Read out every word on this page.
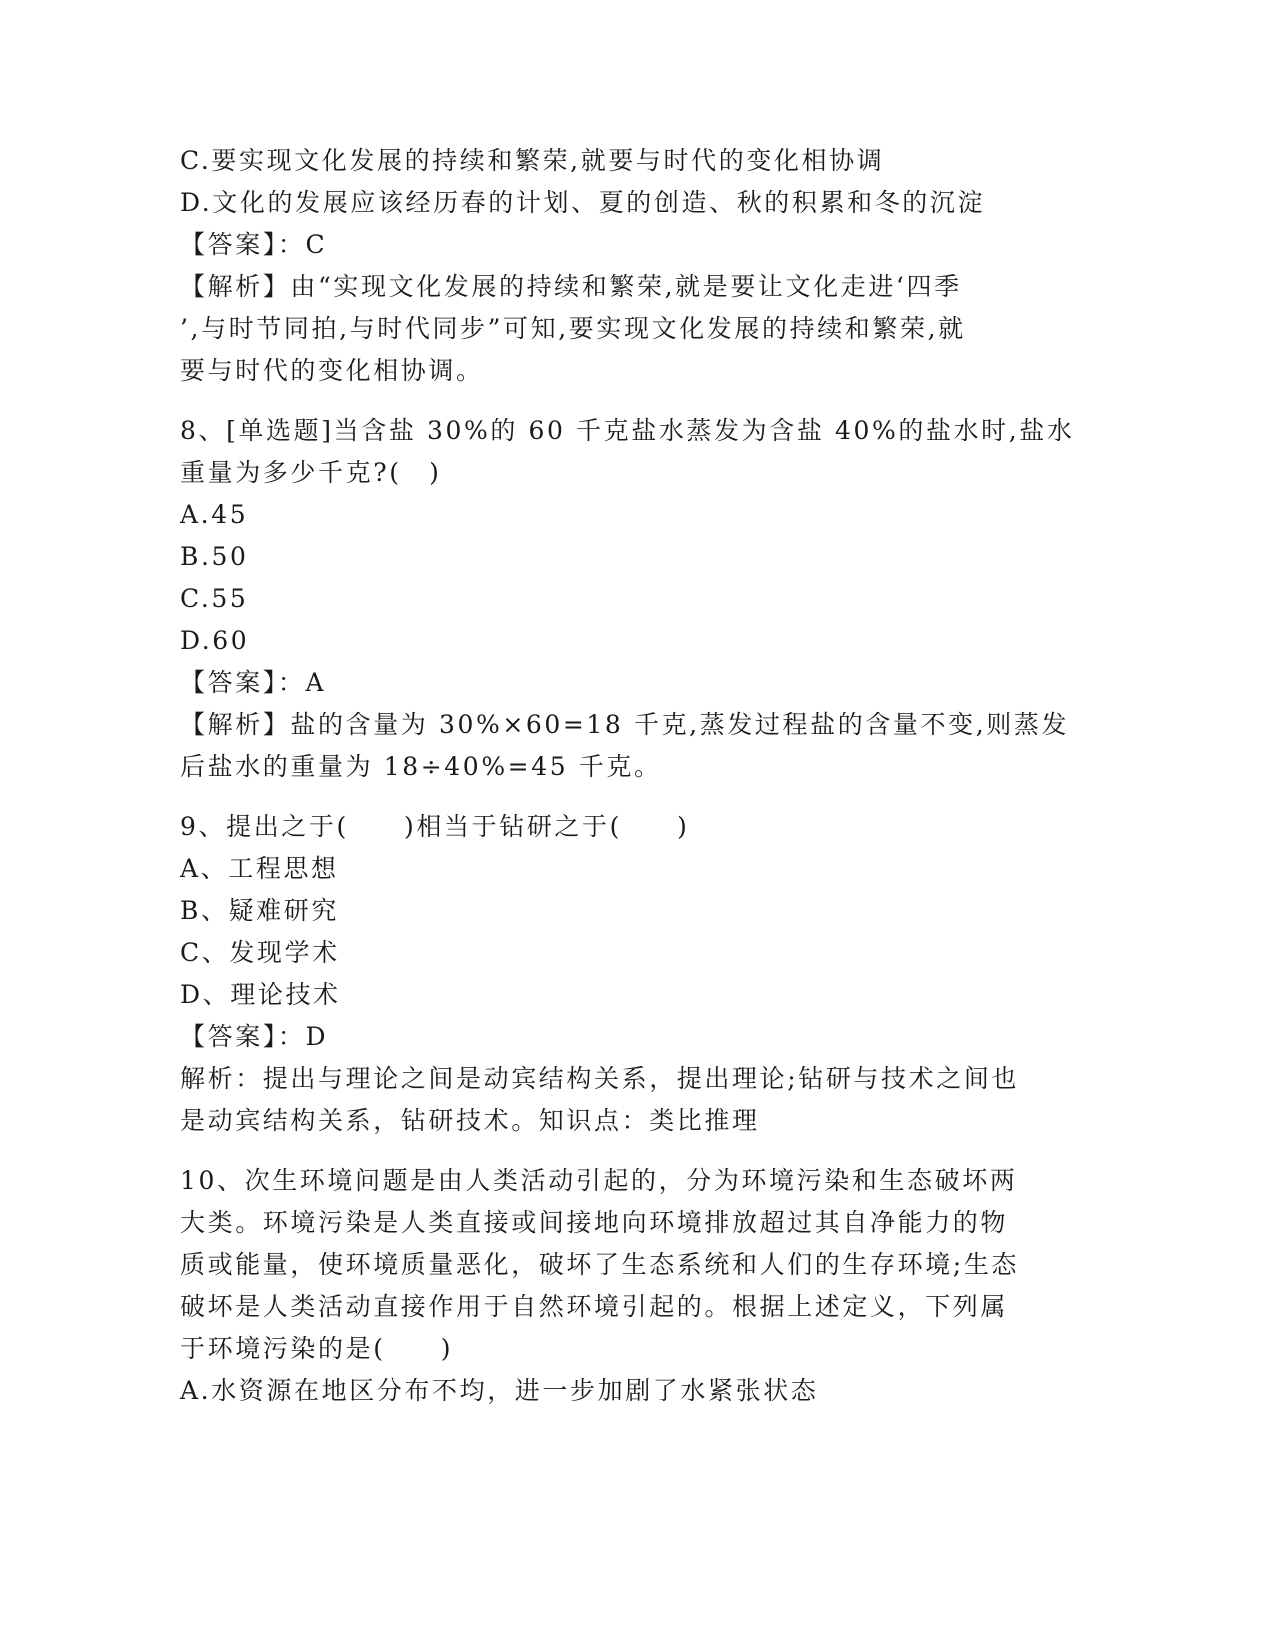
C.要实现文化发展的持续和繁荣,就要与时代的变化相协调
D.文化的发展应该经历春的计划、夏的创造、秋的积累和冬的沉淀
【答案】：C
【解析】由“实现文化发展的持续和繁荣,就是要让文化走进‘四季
’,与时节同拍,与时代同步”可知,要实现文化发展的持续和繁荣,就
要与时代的变化相协调。
8、[单选题]当含盐 30%的 60 千克盐水蒸发为含盐 40%的盐水时,盐水
重量为多少千克?(　)
A.45
B.50
C.55
D.60
【答案】：A
【解析】盐的含量为 30%×60=18 千克,蒸发过程盐的含量不变,则蒸发
后盐水的重量为 18÷40%=45 千克。
9、提出之于(　　)相当于钻研之于(　　)
A、工程思想
B、疑难研究
C、发现学术
D、理论技术
【答案】：D
解析：提出与理论之间是动宾结构关系，提出理论;钻研与技术之间也
是动宾结构关系，钻研技术。知识点：类比推理
10、次生环境问题是由人类活动引起的，分为环境污染和生态破坏两
大类。环境污染是人类直接或间接地向环境排放超过其自净能力的物
质或能量，使环境质量恶化，破坏了生态系统和人们的生存环境;生态
破坏是人类活动直接作用于自然环境引起的。根据上述定义，下列属
于环境污染的是(　　)
A.水资源在地区分布不均，进一步加剧了水紧张状态
